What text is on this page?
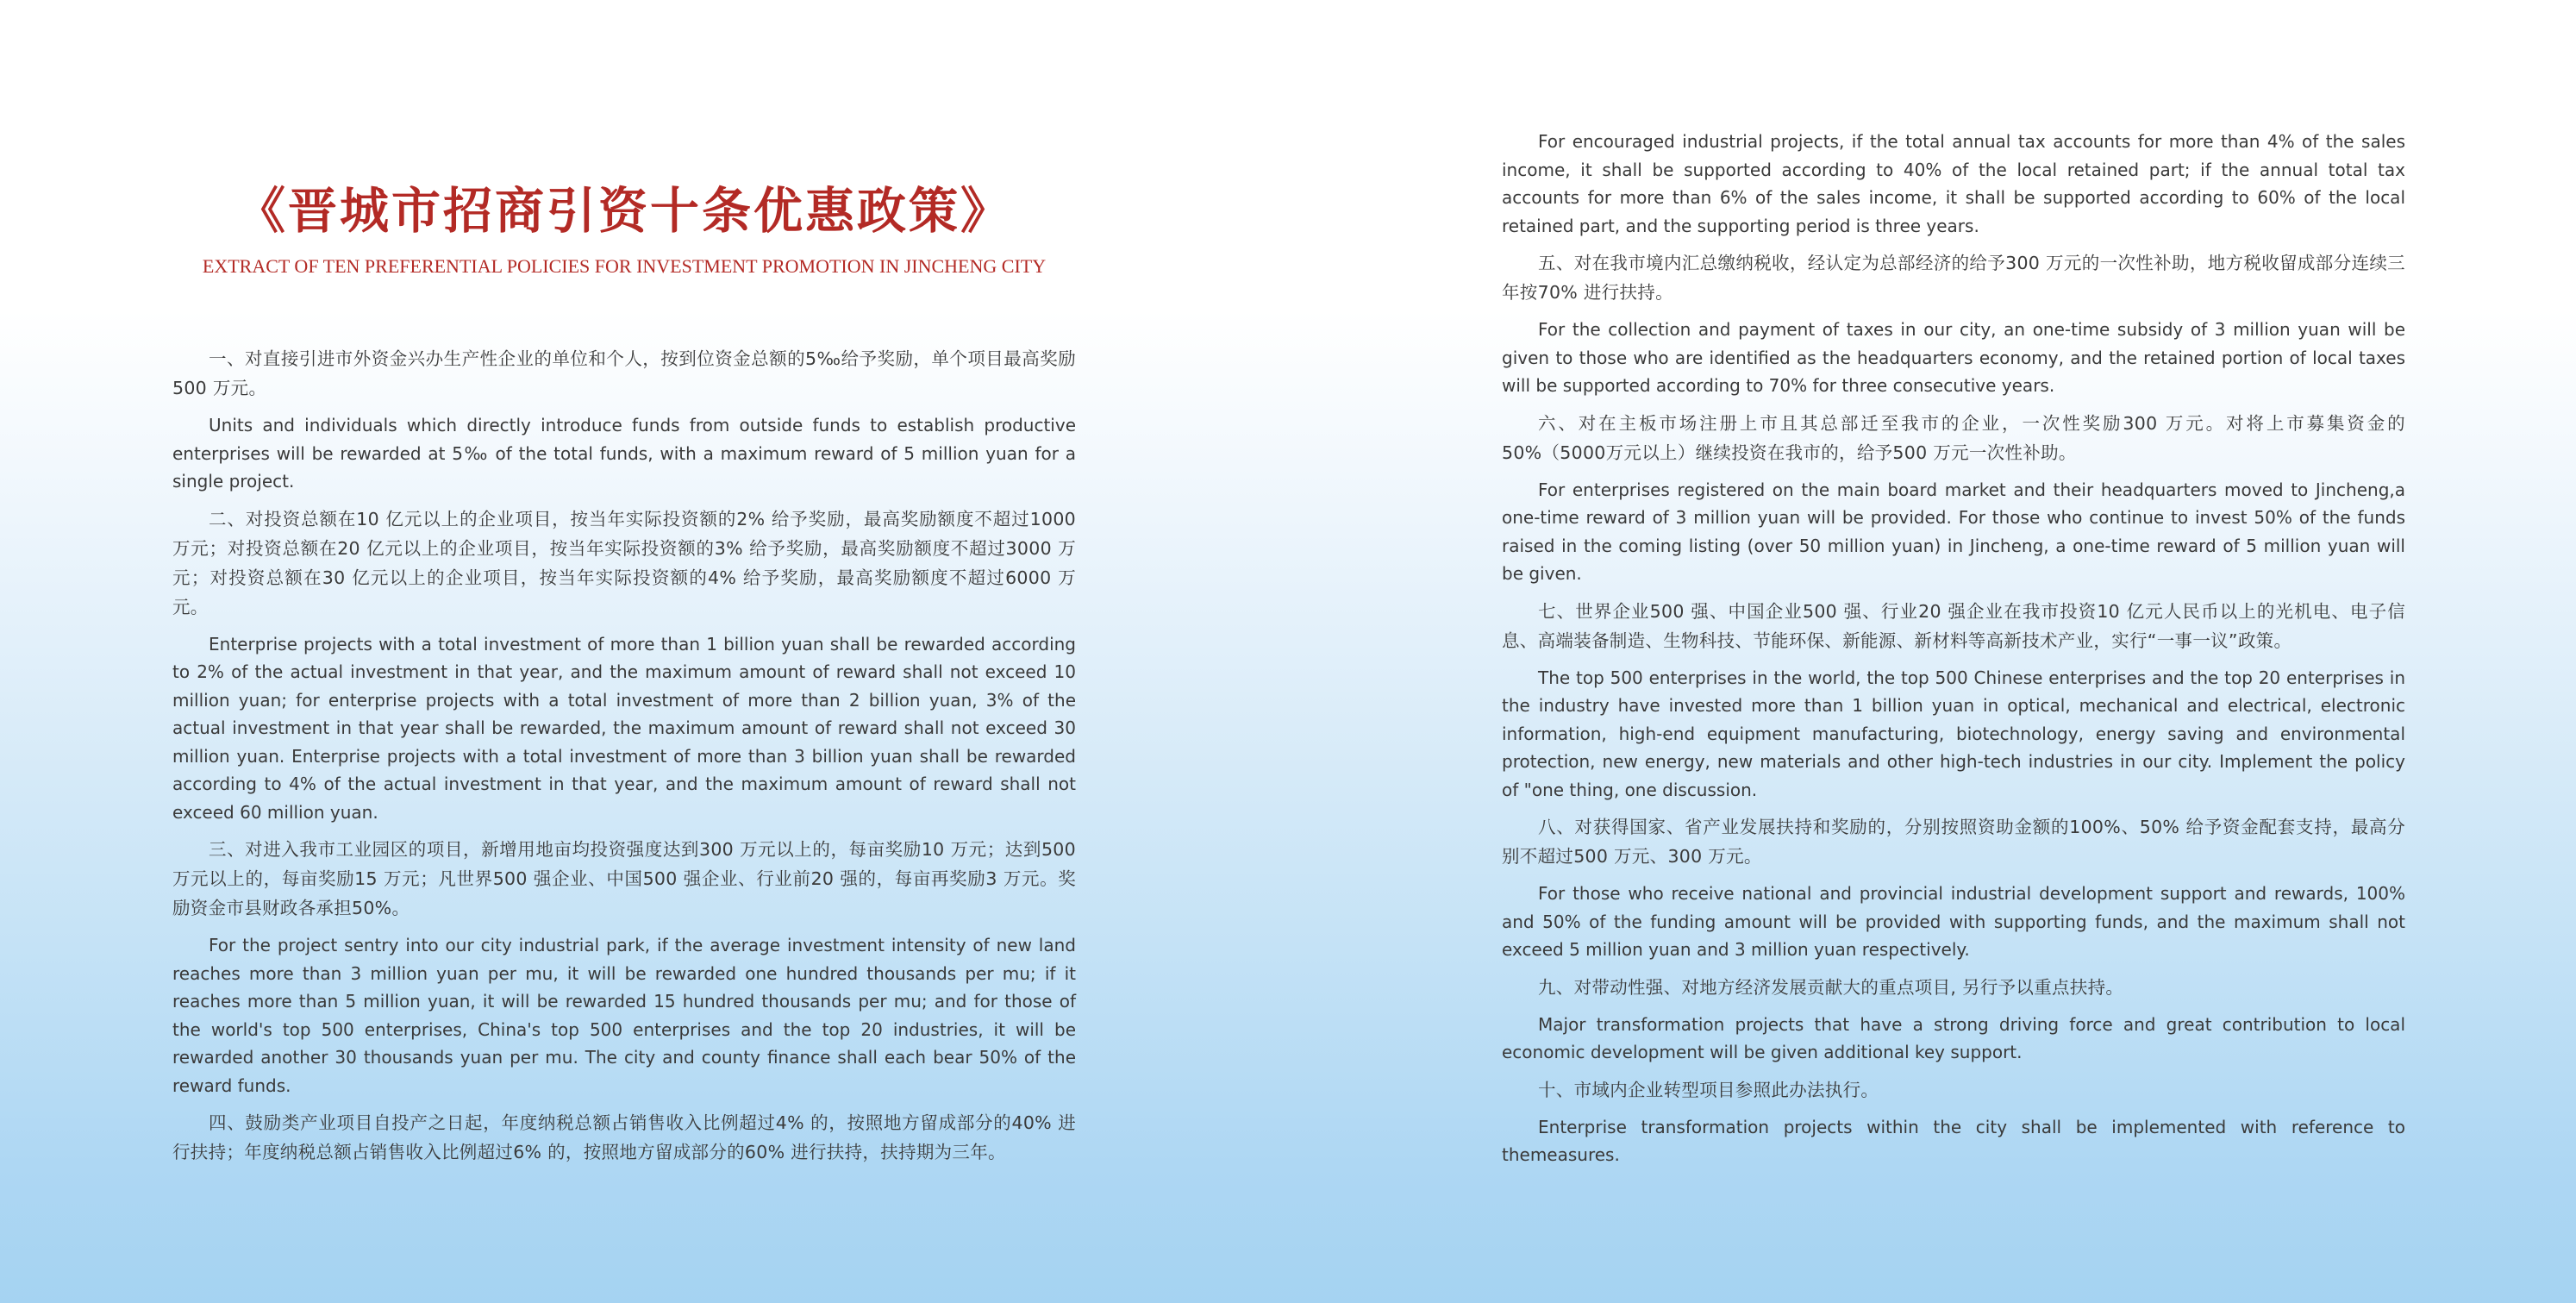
《晋城市招商引资十条优惠政策》
EXTRACT OF TEN PREFERENTIAL POLICIES FOR INVESTMENT PROMOTION IN JINCHENG CITY

一、对直接引进市外资金兴办生产性企业的单位和个人，按到位资金总额的5‰给予奖励，单个项目最高奖励500 万元。

Units and individuals which directly introduce funds from outside funds to establish productive enterprises will be rewarded at 5‰ of the total funds, with a maximum reward of 5 million yuan for a single project.

二、对投资总额在10 亿元以上的企业项目，按当年实际投资额的2% 给予奖励，最高奖励额度不超过1000 万元；对投资总额在20 亿元以上的企业项目，按当年实际投资额的3% 给予奖励，最高奖励额度不超过3000 万元；对投资总额在30 亿元以上的企业项目，按当年实际投资额的4% 给予奖励，最高奖励额度不超过6000 万元。

Enterprise projects with a total investment of more than 1 billion yuan shall be rewarded according to 2% of the actual investment in that year, and the maximum amount of reward shall not exceed 10 million yuan; for enterprise projects with a total investment of more than 2 billion yuan, 3% of the actual investment in that year shall be rewarded, the maximum amount of reward shall not exceed 30 million yuan. Enterprise projects with a total investment of more than 3 billion yuan shall be rewarded according to 4% of the actual investment in that year, and the maximum amount of reward shall not exceed 60 million yuan.

三、对进入我市工业园区的项目，新增用地亩均投资强度达到300 万元以上的，每亩奖励10 万元；达到500万元以上的，每亩奖励15 万元；凡世界500 强企业、中国500 强企业、行业前20 强的，每亩再奖励3 万元。奖励资金市县财政各承担50%。

For the project sentry into our city industrial park, if the average investment intensity of new land reaches more than 3 million yuan per mu, it will be rewarded one hundred thousands per mu; if it reaches more than 5 million yuan, it will be rewarded 15 hundred thousands per mu; and for those of the world's top 500 enterprises, China's top 500 enterprises and the top 20 industries, it will be rewarded another 30 thousands yuan per mu. The city and county finance shall each bear 50% of the reward funds.

四、鼓励类产业项目自投产之日起，年度纳税总额占销售收入比例超过4% 的，按照地方留成部分的40% 进行扶持；年度纳税总额占销售收入比例超过6% 的，按照地方留成部分的60% 进行扶持，扶持期为三年。

For encouraged industrial projects, if the total annual tax accounts for more than 4% of the sales income, it shall be supported according to 40% of the local retained part; if the annual total tax accounts for more than 6% of the sales income, it shall be supported according to 60% of the local retained part, and the supporting period is three years.

五、对在我市境内汇总缴纳税收，经认定为总部经济的给予300 万元的一次性补助，地方税收留成部分连续三年按70% 进行扶持。

For the collection and payment of taxes in our city, an one-time subsidy of 3 million yuan will be given to those who are identified as the headquarters economy, and the retained portion of local taxes will be supported according to 70% for three consecutive years.

六、对在主板市场注册上市且其总部迁至我市的企业，一次性奖励300 万元。对将上市募集资金的50%（5000万元以上）继续投资在我市的，给予500 万元一次性补助。

For enterprises registered on the main board market and their headquarters moved to Jincheng,a one-time reward of 3 million yuan will be provided. For those who continue to invest 50% of the funds raised in the coming listing (over 50 million yuan) in Jincheng, a one-time reward of 5 million yuan will be given.

七、世界企业500 强、中国企业500 强、行业20 强企业在我市投资10 亿元人民币以上的光机电、电子信息、高端装备制造、生物科技、节能环保、新能源、新材料等高新技术产业，实行“一事一议”政策。

The top 500 enterprises in the world, the top 500 Chinese enterprises and the top 20 enterprises in the industry have invested more than 1 billion yuan in optical, mechanical and electrical, electronic information, high-end equipment manufacturing, biotechnology, energy saving and environmental protection, new energy, new materials and other high-tech industries in our city. Implement the policy of "one thing, one discussion.

八、对获得国家、省产业发展扶持和奖励的，分别按照资助金额的100%、50% 给予资金配套支持，最高分别不超过500 万元、300 万元。

For those who receive national and provincial industrial development support and rewards, 100% and 50% of the funding amount will be provided with supporting funds, and the maximum shall not exceed 5 million yuan and 3 million yuan respectively.

九、对带动性强、对地方经济发展贡献大的重点项目, 另行予以重点扶持。

Major transformation projects that have a strong driving force and great contribution to local economic development will be given additional key support.

十、市域内企业转型项目参照此办法执行。

Enterprise transformation projects within the city shall be implemented with reference to themeasures.
